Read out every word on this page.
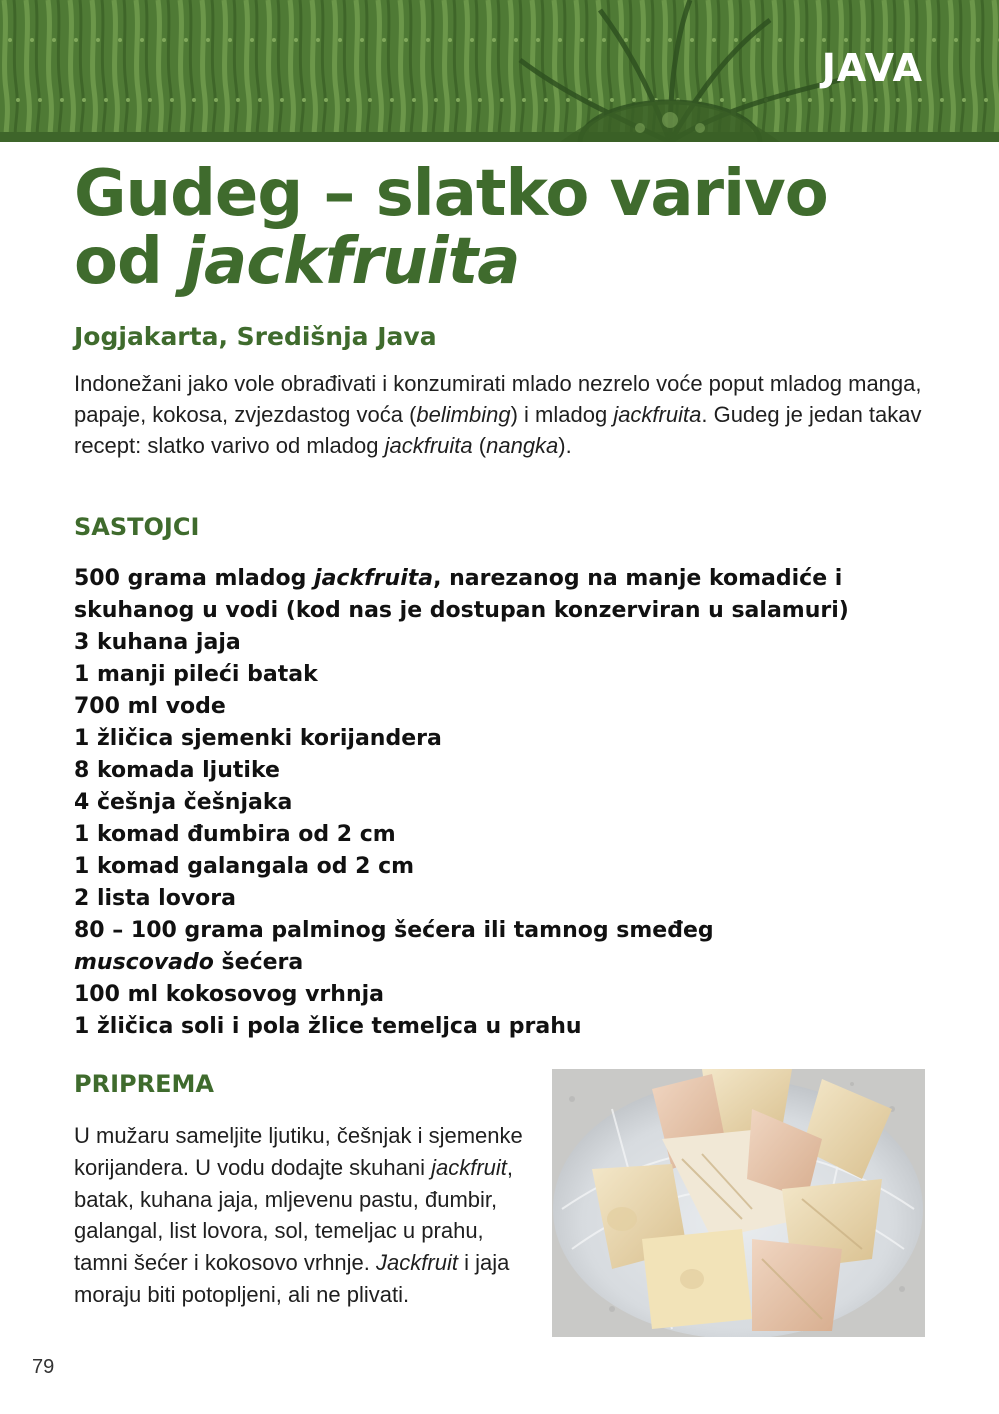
JAVA
Gudeg – slatko varivo
od jackfruita
Jogjakarta, Središnja Java

Indonežani jako vole obrađivati i konzumirati mlado nezrelo voće poput mladog manga, papaje, kokosa, zvjezdastog voća (belimbing) i mladog jackfruita. Gudeg je jedan takav recept: slatko varivo od mladog jackfruita (nangka).

SASTOJCI
500 grama mladog jackfruita, narezanog na manje komadiće i skuhanog u vodi (kod nas je dostupan konzerviran u salamuri)
3 kuhana jaja
1 manji pileći batak
700 ml vode
1 žličica sjemenki korijandera
8 komada ljutike
4 češnja češnjaka
1 komad đumbira od 2 cm
1 komad galangala od 2 cm
2 lista lovora
80 – 100 grama palminog šećera ili tamnog smeđeg
muscovado šećera
100 ml kokosovog vrhnja
1 žličica soli i pola žlice temeljca u prahu
PRIPREMA

U mužaru sameljite ljutiku, češnjak i sjemenke korijandera. U vodu dodajte skuhani jackfruit, batak, kuhana jaja, mljevenu pastu, đumbir, galangal, list lovora, sol, temeljac u prahu, tamni šećer i kokosovo vrhnje. Jackfruit i jaja moraju biti potopljeni, ali ne plivati.

79
